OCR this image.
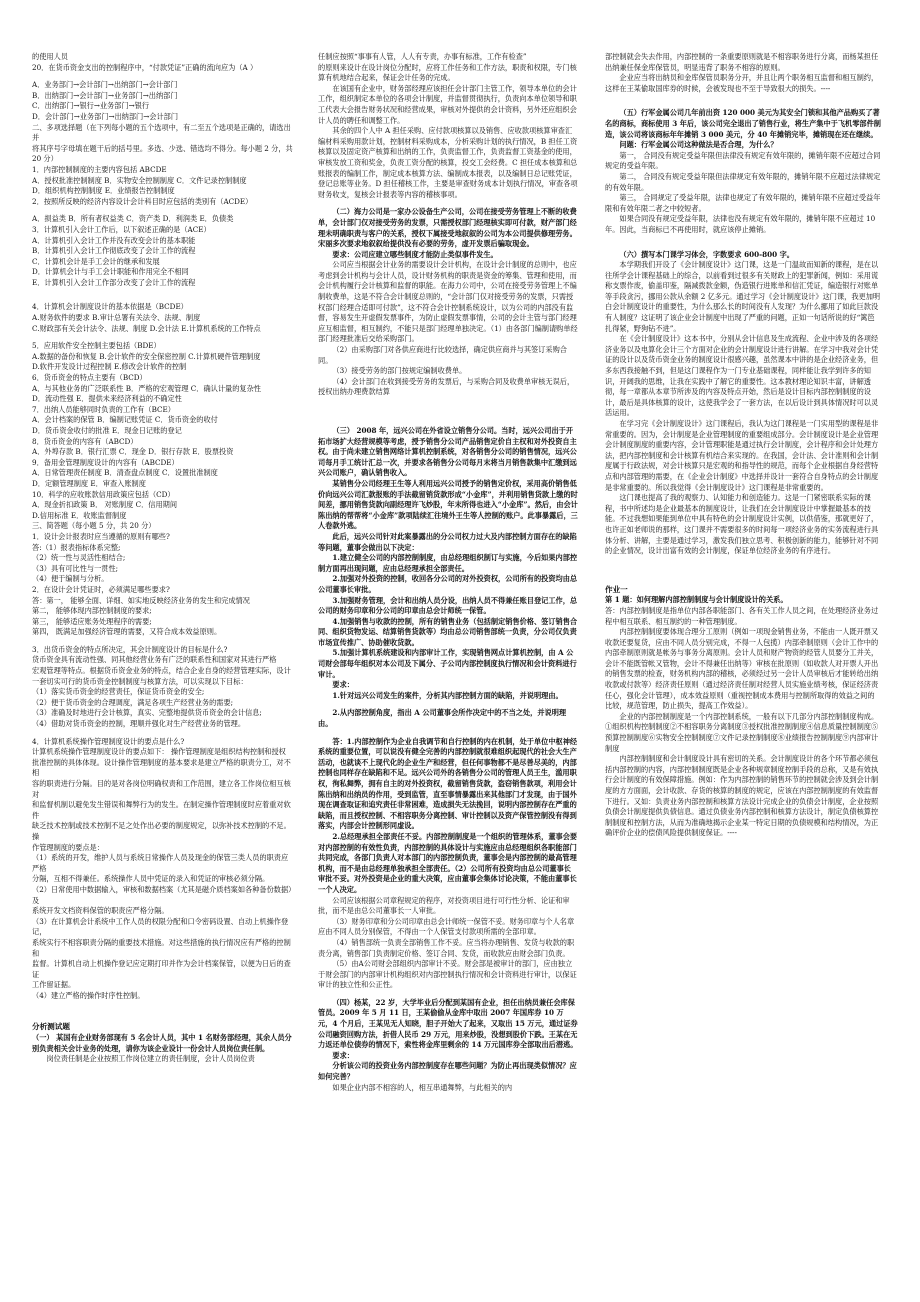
的使用人员

20．在货币资金支出的控制程序中，“付款凭证”正确的流向应为（A ）

A．业务部门→会计部门→出纳部门→会计部门

B．出纳部门→会计部门→业务部门→出纳部门

C．出纳部门→银行→业务部门→银行

D．会计部门→业务部门→出纳部门→会计部门

二、多项选择题（在下列每小题的五个选项中，有二至五个选项是正确的，请选出并

将其序号字母填在题干后的括号里。多选、少选、错选均不得分。每小题 2 分，共 20 分）

1．内部控制制度的主要内容包括 ABCDE

A．授权批准控制制度 B．实物安全控制制度 C．文件记录控制制度

D．组织机构控制制度 E．业绩报告控制制度

2．按照所反映的经济内容设计会计科目时应包括的类别有（ACDE）

A．损益类 B．所有者权益类 C．资产类 D．利润类 E．负债类

3．计算机引入会计工作后，以下叙述正确的是（ACE）

A．计算机引入会计工作并没有改变会计的基本职能

B．计算机引入会计工作彻底改变了会计工作的流程

C．计算机会计是手工会计的继承和发展

D．计算机会计与手工会计职能和作用完全不相同

E．计算机引入会计工作部分改变了会计工作的流程

4．计算机会计制度设计的基本依据是（BCDE）

A.财务软件的要求 B.审计总署有关法令、法规、制度

C.财政部有关会计法令、法规、制度 D.会计法 E.计算机系统的工作特点

5．应用软件安全控制主要包括（BDE）

A.数据的备份和恢复 B.会计软件的安全保密控制 C.计算机硬件管理制度

D.软件开发设计过程控制 E.修改会计软件的控制

6．货币资金的特点主要有（BCD）

A．与其他业务的广泛联系性 B．严格的宏观管理 C．确认计量的复杂性

D．流动性强 E．提供未来经济利益的不确定性

7．出纳人员能够同时负责的工作有（BCE）

A．会计档案的保管 B．编制记账凭证 C．货币资金的收付

D．货币资金收付的批准 E．现金日记账的登记

8．货币资金的内容有（ABCD）

A．外埠存款 B．银行汇票 C．现金 D．银行存款 E．股票投资

9．备用金管理制度设计的内容有（ABCDE）

A．日常管理责任制度 B．清查盘点制度 C．设置批准制度

D．定额管理制度 E．审查入账制度

10．科学的应收账款信用政策应包括（CD）

A．现金折扣政策 B． 对账制度 C．信用期间

D.信用标准 E．收账监督制度

三、简答题（每小题 5 分，共 20 分）

1．设计会计报表时应当遵循的原则有哪些?

答:（1）报表指标体系完整;

（2）统一性与灵活性相结合;

（3）具有可比性与一贯性;

（4）便于编制与分析。

2．在设计会计凭证时，必须满足哪些要求?

答：第一， 能够全面、详细、如实地反映经济业务的发生和完成情况

第二， 能够体现内部控制制度的要求;

第三， 能够适应账务处理程序的需要;

第四， 既满足加强经济管理的需要，又符合成本效益原则。

3．出货币资金的特点所决定，其会计制度设计的目标是什么?

货币资金具有流动性强、同其他经营业务有广泛的联系性和国家对其进行严格

宏观管理等特点。根据货币资金业务的特点，结合企业自身的经营管理实际，设计

一套切实可行的货币资金控制制度与核算方法，可以实现以下目标：

（1）落实货币资金的经营责任，保证货币资金的安全;

（2）便于货币资金的合理调度，满足各项生产经营业务的需要;

（3）准确及时地进行会计核算，真实、完整地提供货币资金的会计信息;

（4）借助对货币资金的控制，理顺并强化对生产经营业务的管理。

4．计算机系统操作管理制度设计的要点是什么?

计算机系统操作管理制度设计的要点如下： 操作管理制度是组织结构控制和授权

批准控制的具体体现。设计操作管理制度的基本要求是建立严格的职责分工，对不相

容的职责进行分隔。目的是对各岗位明确权责和工作范围，建立各工作岗位相互核对

和监督机制以避免发生错误和舞弊行为的发生。在制定操作管理制度时应着重对软件

缺乏技术控制或技术控制不足之处作出必要的制度规定，以弥补技术控制的不足。操

作管理制度的要点是：

（1）系统的开发，维护人员与系统日常操作人员及现金的保管三类人员的职责应严格

分隔，互相不得兼任。系统操作人员中凭证的录入和凭证的审核必须分隔。

（2）日常使用中数据输入，审核和数据档案（尤其是磁介质档案如各种备份数据）及

系统开发文档资料保管的职责应严格分隔。

（3）在计算机会计系统中工作人员的权限分配和口令密码设置、自动上机操作登记，

系统实行不相容职责分隔的重要技术措施。对这些措施的执行情况应有严格的控制和

监督。计算机自动上机操作登记应定期打印并作为会计档案保管，以便为日后的查证

工作留证据。

（4）建立严格的操作时序性控制。

分析测试题

（一） 某国有企业财务部现有 5 名会计人员，其中 1 名财务部经理，其余人员分别负责相关会计业务的处理，请你为该企业设计一份会计人员岗位责任制。

岗位责任制是企业按照工作岗位建立的责任制度，会计人员岗位责

任制应按照“事事有人管，人人有专责，办事有标准，工作有检查”

的原则来设计在设计岗位分配时，应将工作任务和工作方法，职责和权限，专门核算有机地结合起来，保证会计任务的完成。

在该国有企业中，财务部经理应该担任会计部门主管工作，领导本单位的会计工作，组织制定本单位的各项会计制度，并监督贯彻执行，负责向本单位领导和职工代表大会报告财务状况和经营成果，审核对外提供的会计资料，另外还应组织会计人员的聘任和调整工作。

其余的四个人中 A 担任采购、应付款项核算以及销售、应收款项核算审查汇编材料采购用款计划，控制材料采购成本，分析采购计划的执行情况，B 担任工资核算以及固定资产核算和出纳的工作，负责监督工作，负责监督工资基金的使用，审核发放工资和奖金，负责工资分配的核算，投交工会经费。C 担任成本核算和总账报表的编制工作，制定成本核算方法、编制成本报表，以及编制日总记账凭证，登记总账等业务。D 担任稽核工作，主要是审查财务成本计划执行情况，审查各项财务收支，复核会计报表等内容的稽核事项。

（二）海力公司是一家办公设备生产公司，公司在接受劳务管理上不断的收费单，会计部门仅对接受劳务的发票，只需授权部门经理核实即可付款，财产部门经理未明确职责与客户的关系，授权下属接受地叙叙的公司为本公司提供修理劳务。宋丽多次要求地叙叙给提供没有必要的劳务，虚开发票后骗取现金。

要求：公司应建立哪些制度才能防止类似事件发生。

公司应当根据会计业务的需要设计会计机构，在设计会计制度的总则中，也应考虑到会计机构与会计人员，设计财务机构的职责是资金的筹集、管理和使用，而会计机构履行会计核算和监督的职能。在海力公司中，公司在接受劳务管理上不编制收费单，这是不符合会计制度总则的，“会计部门仅对接受劳务的发票，只需授权部门经理合适即可付款”，这不符合会计控制系统设计，以为公司的内部没有监督，容易发生开虚假发票事件，为防止虚假发票事情，公司的会计主管与部门经理应互相监督，相互制约，不能只是部门经理单独决定。（1）由各部门编制请购单经部门经理批准后交给采购部门。

（2）由采购部门对各供应商进行比较选择，确定供应商并与其签订采购合同。

（3）接受劳务的部门按规定编制收费单。

（4）会计部门在收到接受劳务的发票后，与采购合同及收费单审核无误后，授权出纳办理费款结算

（三） 2008 年，远兴公司在外省设立销售分公司。当时，远兴公司出于开拓市场扩大经营规模等考虑，授予销售分公司产品销售定价自主权和对外投资自主权。由于尚未建立销售网络计算机控制系统，对各销售分公司的销售情况，远兴公司每月手工统计汇总一次，并要求各销售分公司每月末将当月销售款集中汇缴到远兴公司账户，确认销售收入。

某销售分公司经理王生等人利用远兴公司授予的销售定价权，采用高价销售低价向远兴公司汇款报账的手法截留销货款形成“小金库”，并利用销售货款上缴的时间差，挪用销售货款向副经理许飞炒股，年末所得也进入“小金库”。然后，由会计陈出纳的帮帮将“小金库”款项陆续汇往境外王生等人控制的账户。此事暴露后，三人卷款外逃。

此后，远兴公司针对此案暴露出的分公司权力过大及内部控制方面存在的缺陷等问题，董事会做出以下决定：

1.建立健全公司的内部控制制度，由总经理组织制订与实施，今后如果内部控制方面再出现问题，应由总经理承担全部责任。

2.加强对外投资的控制，收回各分公司的对外投资权，公司所有的投资均由总公司董事长审批。

3.加强财务管理，会计和出纳人员分设，出纳人员不得兼任账目登记工作，总公司的财务印章和分公司的印章由总会计师统一保管。

4.加强销售与收款的控制，所有的销售业务（包括制定销售价格、签订销售合同、组织货物发运、结算销售货款等）均由总公司销售部统一负责，分公司仅负责市场宣传推广、协助催收货款。

5.加强计算机系统建设和内部审计工作，实现销售网点计算机控制，由 A 公司财会部每年组织对本公司及下属分、子公司内部控制度执行情况和会计资料进行审计。

要求：

1.针对远兴公司发生的案件，分析其内部控制方面的缺陷，并说明理由。

2.从内部控制角度，指出 A 公司董事会所作决定中的不当之处，并说明理由。

答：1.内部控制作为企业自我调节和自行控制的内在机制，处于单位中枢神经系统的重要位置，可以说没有健全完善的内部控制就很难组织起现代的社会大生产活动，也就谈不上现代化的企业生产和经营，但任何事物都不是尽善尽美的，内部控制也同样存在缺陷和不足。远兴公司外的各销售分公司的管理人员王生，滥用职权，徇私舞弊，拥有自主的对外投资权，截留销售货款，盗窃销售款项，利用会计陈出纳和出纳员的作用，受到监管，直至事情暴露出来其他部门才发现，由于国外现在调查取证和追究责任非常困难，造成损失无法挽回，说明内部控制存在严重的缺陷，而且授权控制、不相容职务分离控制、审计控制以及资产保管控制没有得到落实，内部会计控制形同虚设。

2.总经理承担全部责任不妥。内部控制制度是一个组织的管理体系，董事会要对内部控制的有效性负责，内部控制的具体设计与实施应由总经理组织各职能部门共同完成，各部门负责人对本部门的内部控制负责，董事会是内部控制的最高管理机构，而不是由总经理单独承担全部责任。（2）公司所有投资均由总公司董事长审批不妥。对外投资是企业的重大决策，应由董事会集体讨论决策，不能由董事长一个人决定。

公司应该根据公司章程规定的程序，对投资项目进行可行性分析、论证和审批，而不是由总公司董事长一人审批。

（3）财务印章和分公司印章由总会计师统一保管不妥。财务印章与个人名章应由不同人员分别保管，不得由一个人保管支付款项所需的全部印章。

（4）销售部统一负责全部销售工作不妥。应当将办理销售、发货与收款的职责分离，销售部门负责制定价格、签订合同、发货，而收款应由财会部门负责。

（5）由A公司财会部组织内部审计不妥。财会部是被审计的部门，应由独立于财会部门的内部审计机构组织对内部控制执行情况和会计资料进行审计，以保证审计的独立性和公正性。

（四）杨某，22 岁，大学毕业后分配到某国有企业，担任出纳员兼任会库保管员。2009 年 5 月 11 日，王某偷偷从金库中取出 2007 年国库券 10 万元，4 个月后，王某见无人知晓，胆子开始大了起来，又取出 15 万元，通过证券公司融资回购方法，折借人民币 29 万元，用来炒股，没想到股价下跌。王某在无力返还单位债券的情况下，索性将金库里剩余的 14 万元国库券全部取出后潜逃。

要求：

分析该公司的投资业务内部控制度存在哪些问题？为防止再出现类似情况？应如何完善？

如果企业内部不相容的人，相互串通舞弊，与此相关的内

部控制就会失去作用，内部控制的一条重要原则就是不相容职务进行分离，而杨某担任出纳兼任保金库保管员，明显违背了职务不相容的原则。

企业应当将出纳员和金库保管员职务分开，并且让两个职务相互监督和相互制约，这样在王某偷取国库券的时候，会被发现也不至于导致很大的损失。----

（五）行军金属公司几年前出资 120 000 美元为其安全门锁和其他产品购买了著名的商标，商标使用 3 年后，该公司完全退出了销售行业，将生产集中于飞机零部件制造，该公司将该商标年年摊销 3 000 美元，分 40 年摊销完毕，摊销现在还在继续。

问题：行军金属公司这种做法是否合理，为什么？

第一， 合同没有规定受益年限但法律没有规定有效年限的，摊销年限不应超过合同规定的受益年限。

第二， 合同没有规定受益年限但法律规定有效年限的，摊销年限不应超过法律规定的有效年限。

第三， 合同规定了受益年限，法律也规定了有效年限的，摊销年限不应超过受益年限和有效年限二者之中较短者。

如果合同没有规定受益年限，法律也没有规定有效年限的，摊销年限不应超过 10 年。因此，当商标已不再使用时，就应该停止摊销。

（六）撰写本门课学习体会，字数要求 600-800 字。

本学期我们开设了《会计制度设计》这门课，这是一门温故而知新的课程，是在以往所学会计课程基础上的综合，以前看到过很多有关财政上的犯罪新闻，例如：采用谎称支票作废，偷盖印鉴，隔减拨款金额，伪造银行进账单和信汇凭证，编造银行对账单等手段贪污，挪用公款从余额 2 亿多元。通过学习《会计制度设计》这门课，我更加明白会计制度设计的重要性，为什么那么长的时间没有人发现？为什么挪用了如此巨款没有人制度？这证明了该企业会计制度中出现了严重的问题，正如一句话所说的好“篱笆扎得紧，野狗钻不进”。

在《会计制度设计》这本书中，分别从会计信息及生成流程、企业中涉及的各项经济业务以及电算化会计三个方面对企业的会计制度设计进行讲解。在学习中我对会计凭证的设计以及货币资金业务的制度设计很感兴趣，虽然课本中讲的是企业经济业务，但多东西我接触不到，但是这门课程作为一门专业基础课程，同样能让我学到许多的知识，开阔我的思维，让我在实践中了解它的重要性。这本教材理论知识丰富，讲解透彻，每一章都从本章节所涉及的内容及特点开始，然后是设计目标内部控制制度的设计，最后是具体核算的设计，这使我学会了一套方法，在以后设计到具体情况时可以灵活运用。

在学习完《会计制度设计》这门课程后，我认为这门课程是一门实用型的课程是非常重要的。因为，会计制度是企业管理制度的重要组成部分。会计制度设计是企业管理会计制度制度的重要内容，会计管理职能是通过执行会计制度，会计程序和会计处理方法，把内部控制度和会计核算有机结合来实现的。在我国，会计法、会计准则和会计制度属于行政法规，对会计核算只是宏观的和指导性的规范，而每个企业根据自身经营特点和内部管理的需要，在《企业会计制度》中选择并设计一套符合自身特点的会计制度是非常重要的。所以我觉得《会计制度设计》这门课程是非常重要的。

这门课也提高了我的观察力、认知能力和创造能力。这是一门紧密联系实际的课程，书中所述均是企业最基本的制度设计，让我们在会计制度设计中掌握最基本的技能。不过我想如果能到单位中具有特色的会计制度设计实例，以供借鉴，那就更好了，也许正如老师说的那样，这门课并不需要很多的时间每一项经济业务的实务流程进行具体分析、讲解，主要是通过学习，激发我们独立思考、积极创新的能力，能够针对不同的企业情况，设计出富有效的会计制度，保证单位经济业务的有序进行。

作业一

第 1 题：如何理解内部控制制度与会计制度设计的关系。

答：内部控制制度是指单位内部各职能部门、各有关工作人员之间，在处理经济业务过程中相互联系、相互制约的一种管理制度。

内部控制制度要体现合理分工原则（例如一项现金销售业务，不能由一人既开票又收款还要复货，应由不同人员分别完成，不得一人包揽）内部牵制原则（会计工作中的内部牵制原则就是帐务与事务分离原则。会计人员和财产物资的经管人员要分工并关，会计不能既管帐又管物，会计不得兼任出纳等）审核在批原则（如收款人对开票人开出的销售发票的检查，财务机构内部的稽核，必须经过另一会计人员审核后才能转给出纳收款或付款等）经济责任原则（通过经济责任制对经营人员实施业绩考核，保证经济责任心，强化会计管理），成本效益原则（重视控制成本费用与控制所取得的效益之间的比较，规范管理，防止损失，提高工作效益）。

企业的内部控制制度是一个内部控制系统，一般有以下几部分内部控制制度构成。①组织机构控制制度②不相容职务分离制度③授权批准控制制度④信息质量控制制度⑤预算控制制度⑥实物安全控制制度⑦文件记录控制制度⑧业绩报告控制制度⑨内部审计制度

内部控制制度和会计制度设计具有密切的关系。会计制度设计的各个环节都必须包括内部控制的内容，内部控制制度既是企业各种规章制度控制手段的总称，又是有效执行会计制度的有效保障措施。例如：作为内部控制的销售环节的控制就会涉及到会计制度的方方面面，会计收款、存货的核算的制度的规定，应该在内部控制制度的有效监督下进行。又如：负责业务内部控制和核算方法设计完成企业的负债会计制度，企业按照负债会计制度提供负债信息。通过负债业务内部控制和核算方法设计，制定负债核算控制制度和控制方法，从而为准确地揭示企业某一特定日期的负债规模和结构情况，为正确评价企业的偿债风险提供制度保证。----
